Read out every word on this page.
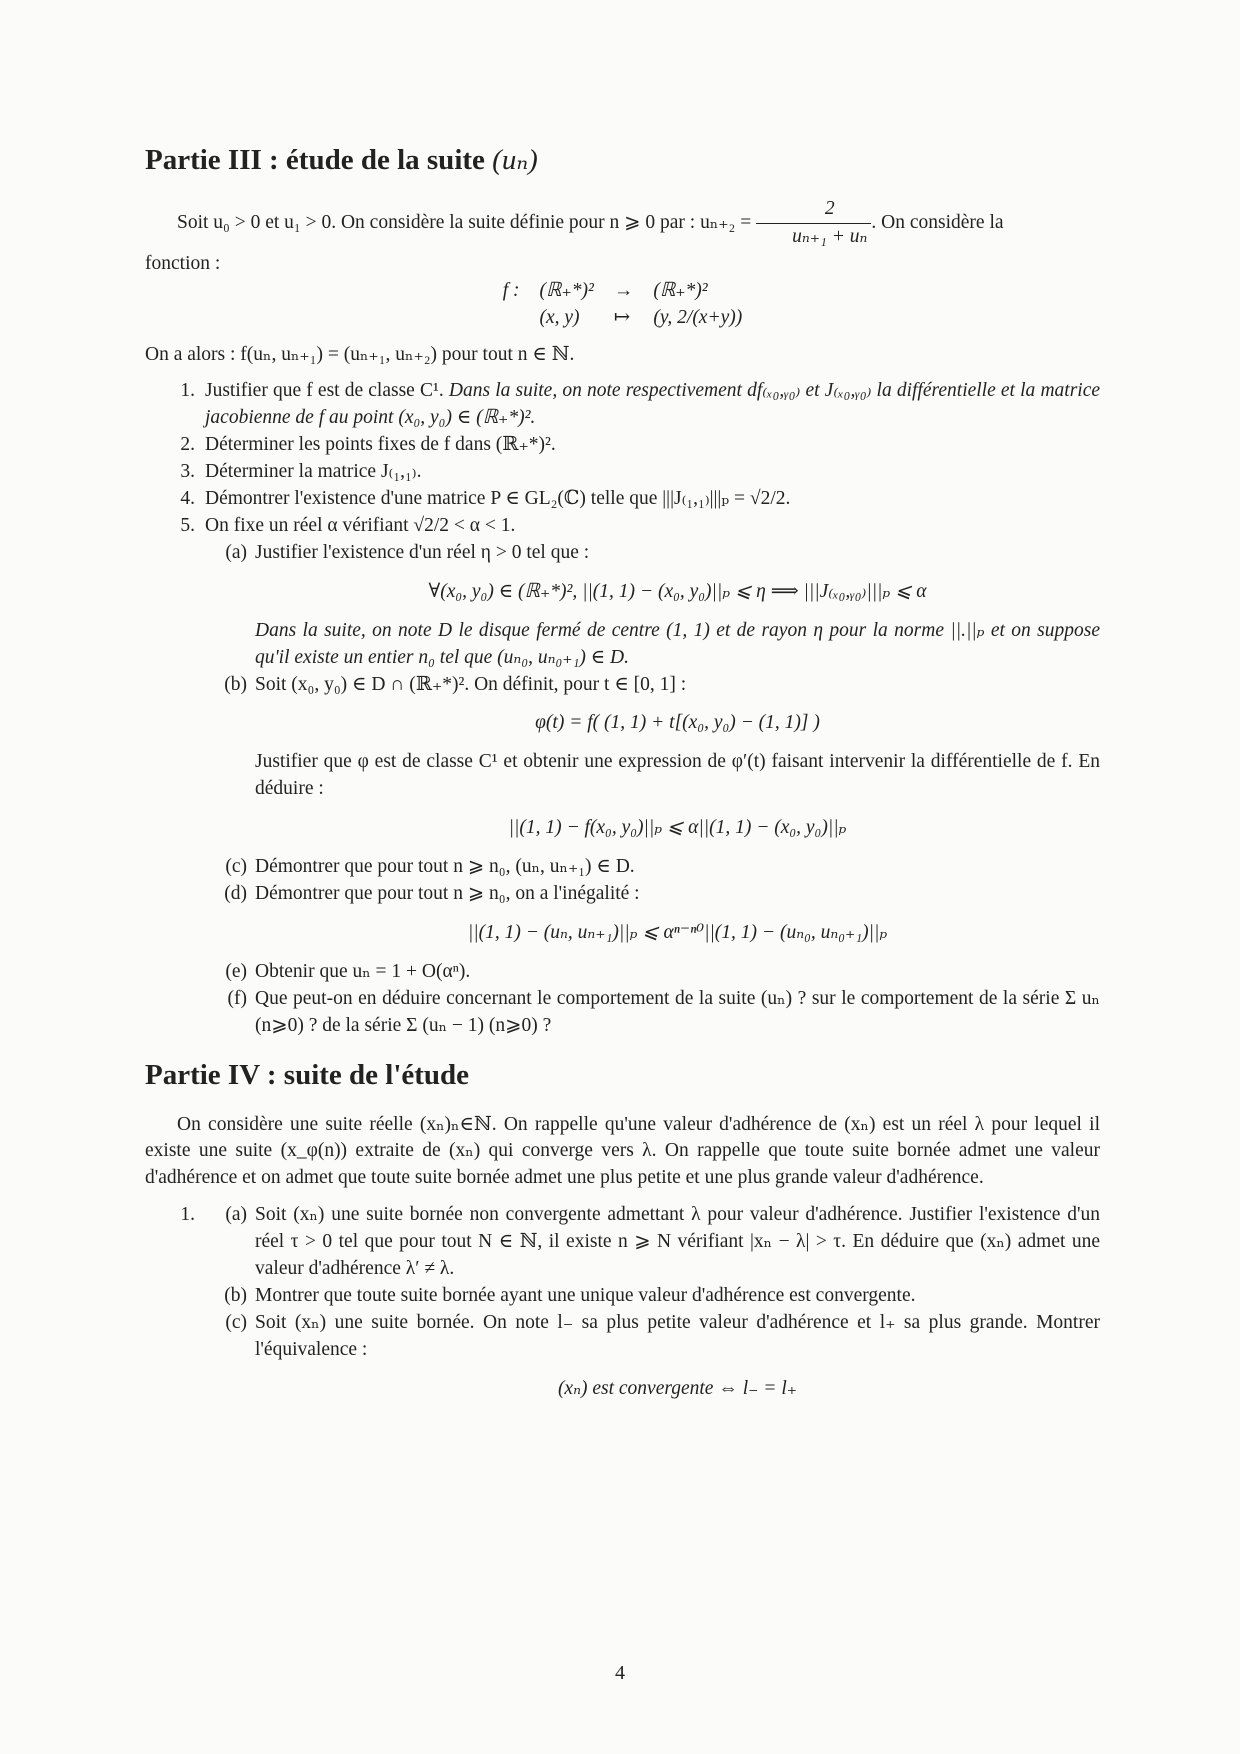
Partie III : étude de la suite (uₙ)

Soit u₀ > 0 et u₁ > 0. On considère la suite définie pour n ⩾ 0 par : $u_{n+2} = \frac{2}{\text{uₙ₊₁ + uₙ}}$ . On considère la

fonction :

f :	(ℝ₊*)²	→	(ℝ₊*)²
	(x, y)	↦	(y, 2/(x+y))

On a alors : f(uₙ, uₙ₊₁) = (uₙ₊₁, uₙ₊₂) pour tout n ∈ ℕ.

1. Justifier que f est de classe C¹. Dans la suite, on note respectivement df₍ₓ₀,ᵧ₀₎ et J₍ₓ₀,ᵧ₀₎ la différentielle et la matrice jacobienne de f au point (x₀, y₀) ∈ (ℝ₊*)².
2. Déterminer les points fixes de f dans (ℝ₊*)².
3. Déterminer la matrice J₍₁,₁₎.
4. Démontrer l'existence d'une matrice P ∈ GL₂(ℂ) telle que |||J₍₁,₁₎|||ₚ = √2/2.
5. On fixe un réel α vérifiant √2/2 < α < 1.
(a) Justifier l'existence d'un réel η > 0 tel que :
∀(x₀, y₀) ∈ (ℝ₊*)², ||(1, 1) − (x₀, y₀)||ₚ ⩽ η ⟹ |||J₍ₓ₀,ᵧ₀₎|||ₚ ⩽ α
Dans la suite, on note D le disque fermé de centre (1, 1) et de rayon η pour la norme ||.||ₚ et on suppose qu'il existe un entier n₀ tel que (uₙ₀, uₙ₀₊₁) ∈ D.
(b) Soit (x₀, y₀) ∈ D ∩ (ℝ₊*)². On définit, pour t ∈ [0, 1] :
φ(t) = f( (1, 1) + t[(x₀, y₀) − (1, 1)] )
Justifier que φ est de classe C¹ et obtenir une expression de φ′(t) faisant intervenir la différentielle de f. En déduire :
||(1, 1) − f(x₀, y₀)||ₚ ⩽ α||(1, 1) − (x₀, y₀)||ₚ
(c) Démontrer que pour tout n ⩾ n₀, (uₙ, uₙ₊₁) ∈ D.
(d) Démontrer que pour tout n ⩾ n₀, on a l'inégalité :
||(1, 1) − (uₙ, uₙ₊₁)||ₚ ⩽ αⁿ⁻ⁿ⁰||(1, 1) − (uₙ₀, uₙ₀₊₁)||ₚ
(e) Obtenir que uₙ = 1 + O(αⁿ).
(f) Que peut-on en déduire concernant le comportement de la suite (uₙ) ? sur le comportement de la série Σ uₙ (n⩾0) ? de la série Σ (uₙ − 1) (n⩾0) ?
Partie IV : suite de l'étude

On considère une suite réelle (xₙ)ₙ∈ℕ. On rappelle qu'une valeur d'adhérence de (xₙ) est un réel λ pour lequel il existe une suite (x_φ(n)) extraite de (xₙ) qui converge vers λ. On rappelle que toute suite bornée admet une valeur d'adhérence et on admet que toute suite bornée admet une plus petite et une plus grande valeur d'adhérence.

1.	(a) Soit (xₙ) une suite bornée non convergente admettant λ pour valeur d'adhérence. Justifier l'existence d'un réel τ > 0 tel que pour tout N ∈ ℕ, il existe n ⩾ N vérifiant |xₙ − λ| > τ. En déduire que (xₙ) admet une valeur d'adhérence λ′ ≠ λ.
(b) Montrer que toute suite bornée ayant une unique valeur d'adhérence est convergente.
(c) Soit (xₙ) une suite bornée. On note l₋ sa plus petite valeur d'adhérence et l₊ sa plus grande. Montrer l'équivalence :
(xₙ) est convergente ⇔ l₋ = l₊
4
